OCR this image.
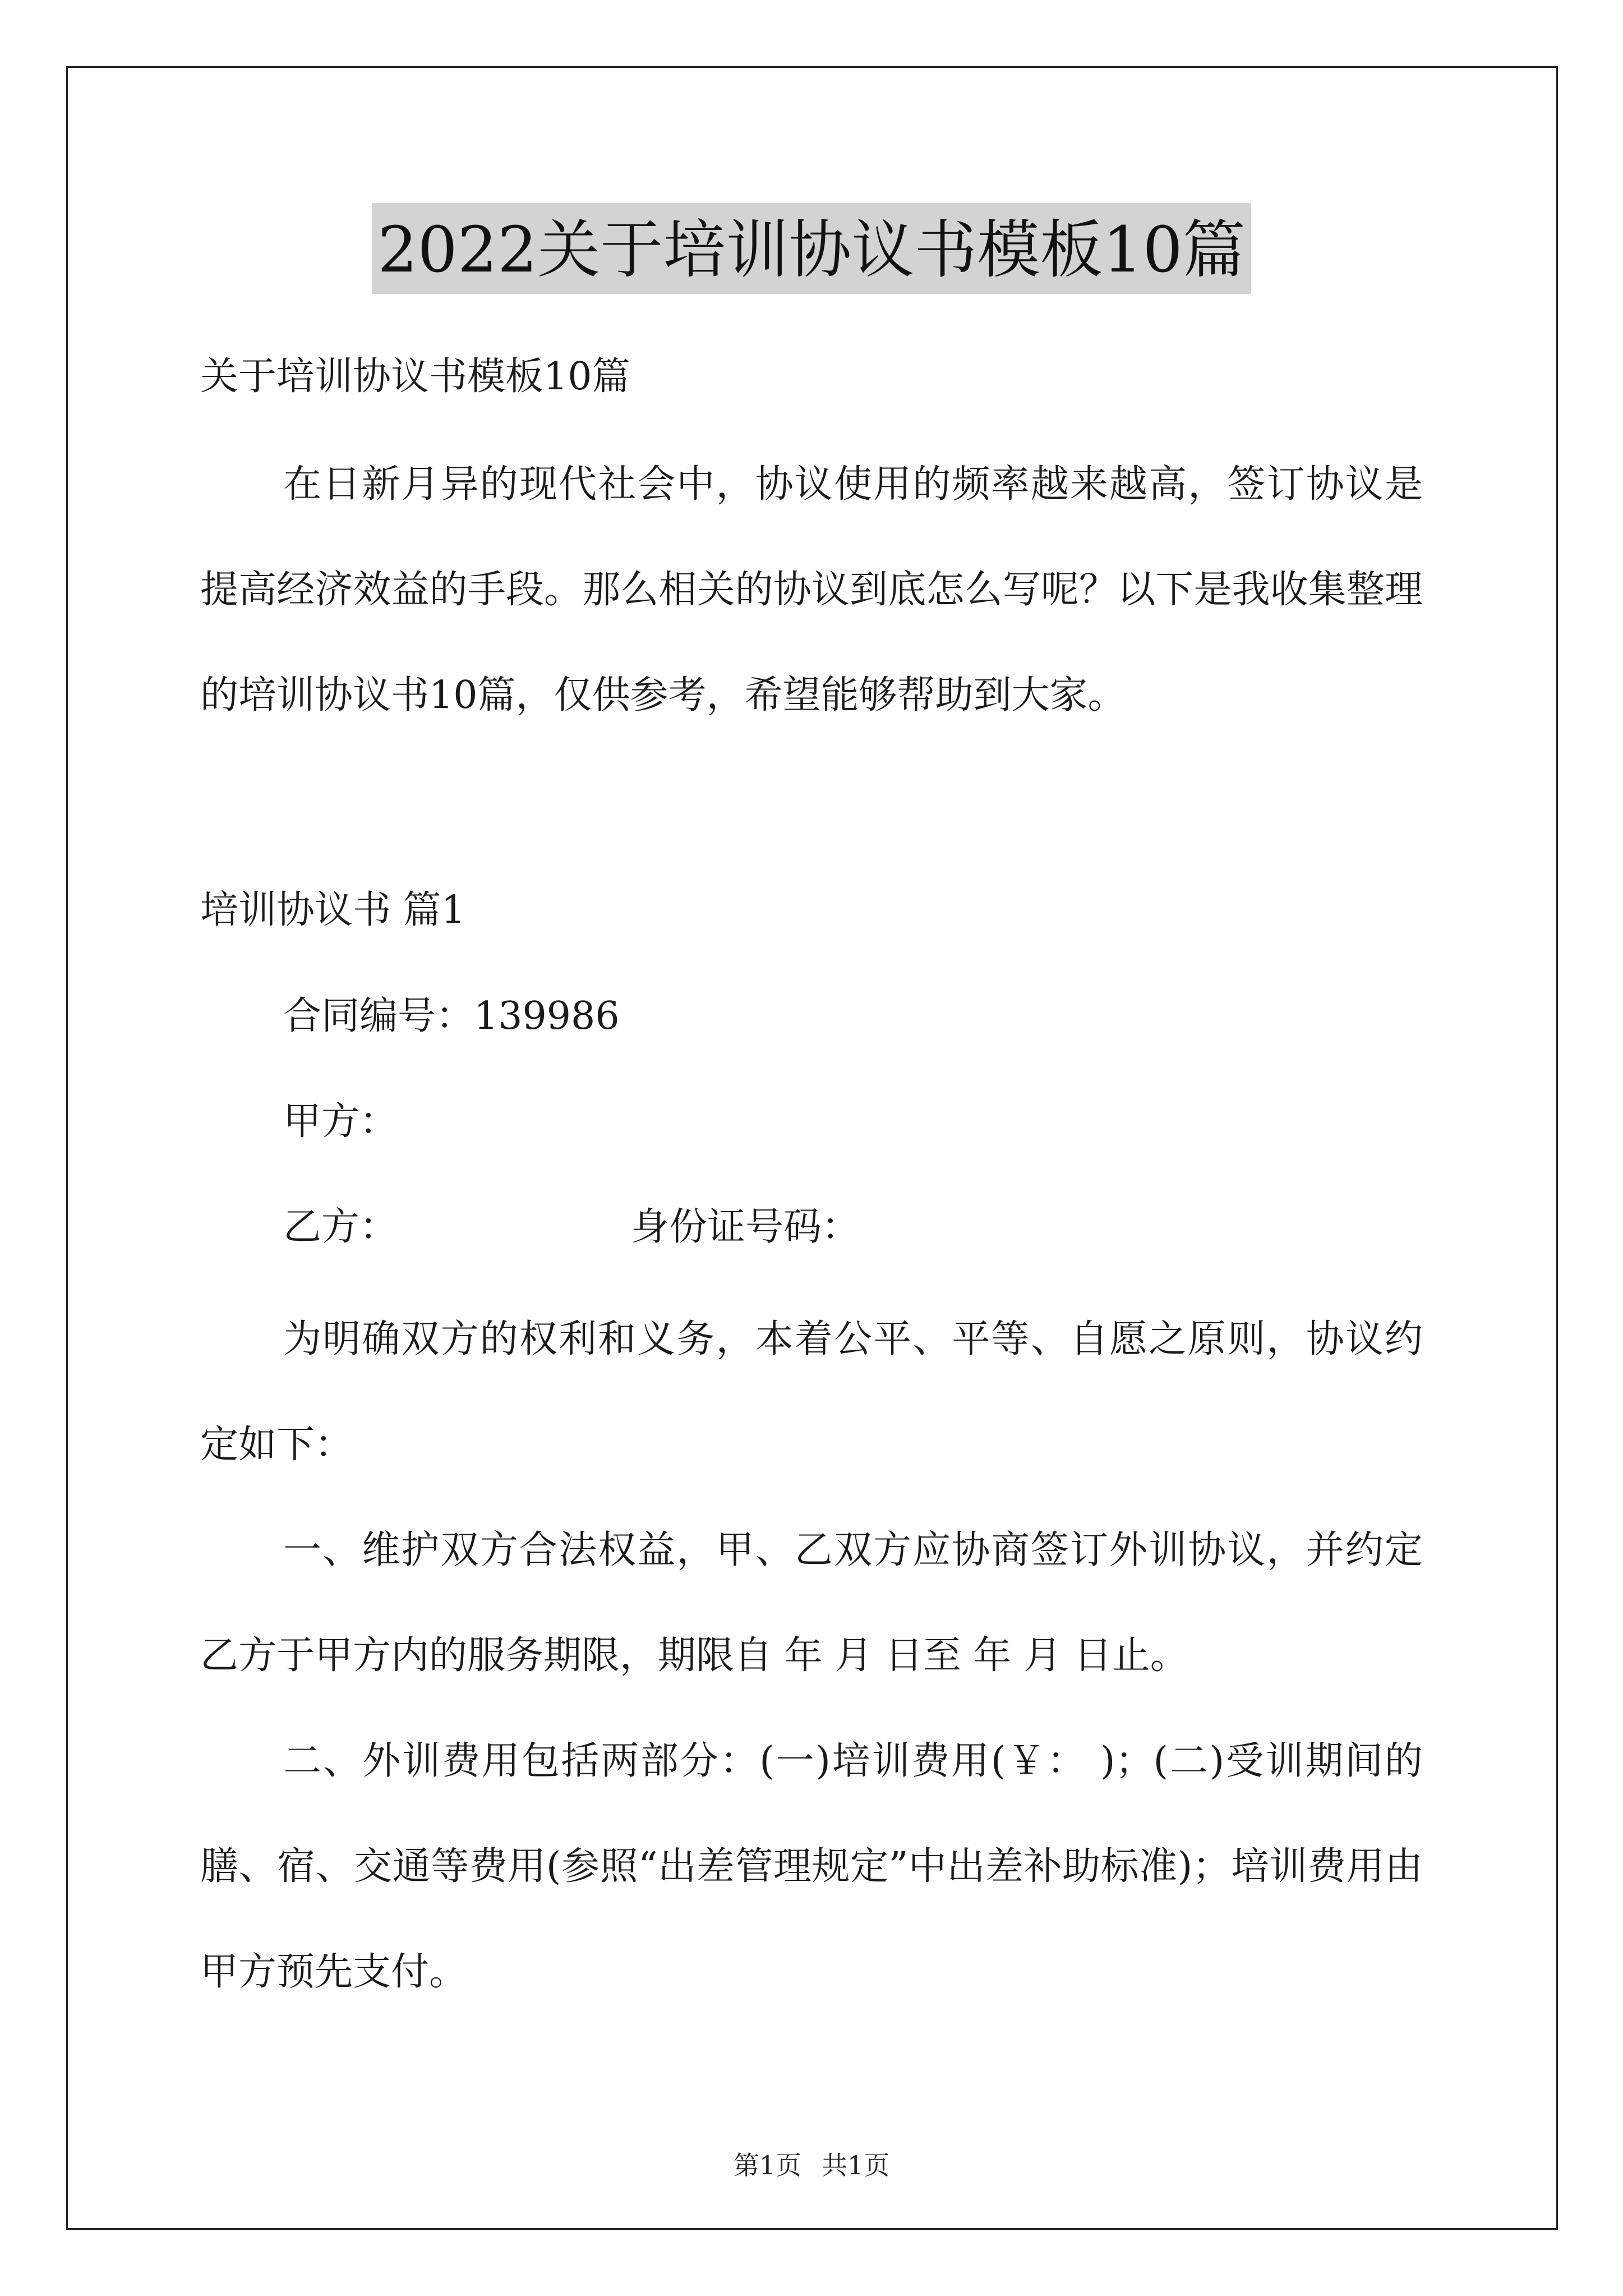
2022关于培训协议书模板10篇
关于培训协议书模板10篇

在日新月异的现代社会中，协议使用的频率越来越高，签订协议是提高经济效益的手段。那么相关的协议到底怎么写呢？以下是我收集整理的培训协议书10篇，仅供参考，希望能够帮助到大家。

培训协议书 篇1
合同编号：139986
甲方：
乙方：	身份证号码：

为明确双方的权利和义务，本着公平、平等、自愿之原则，协议约定如下：

一、维护双方合法权益，甲、乙双方应协商签订外训协议，并约定乙方于甲方内的服务期限，期限自 年 月 日至 年 月 日止。

二、外训费用包括两部分：(一)培训费用(￥： )；(二)受训期间的膳、宿、交通等费用(参照“出差管理规定”中出差补助标准)；培训费用由甲方预先支付。

第1页 共1页
